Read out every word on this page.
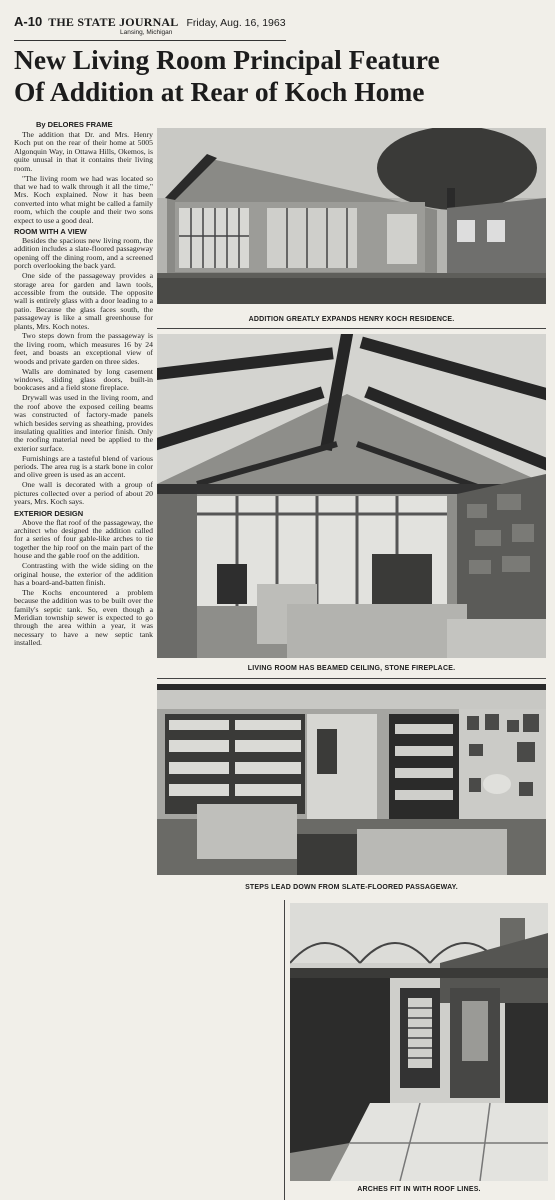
A-10 THE STATE JOURNAL Friday, Aug. 16, 1963
Lansing, Michigan
New Living Room Principal Feature
Of Addition at Rear of Koch Home
By DELORES FRAME

The addition that Dr. and Mrs. Henry Koch put on the rear of their home at 5005 Algonquin Way, in Ottawa Hills, Okemos, is quite unusal in that it contains their living room.

"The living room we had was located so that we had to walk through it all the time," Mrs. Koch explained. Now it has been converted into what might be called a family room, which the couple and their two sons expect to use a good deal.

ROOM WITH A VIEW

Besides the spacious new living room, the addition includes a slate-floored passageway opening off the dining room, and a screened porch overlooking the back yard.

One side of the passageway provides a storage area for garden and lawn tools, accessible from the outside. The opposite wall is entirely glass with a door leading to a patio. Because the glass faces south, the passageway is like a small greenhouse for plants, Mrs. Koch notes.

Two steps down from the passageway is the living room, which measures 16 by 24 feet, and boasts an exceptional view of woods and private garden on three sides.

Walls are dominated by long casement windows, sliding glass doors, built-in bookcases and a field stone fireplace.

Drywall was used in the living room, and the roof above the exposed ceiling beams was constructed of factory-made panels which besides serving as sheathing, provides insulating qualities and interior finish. Only the roofing material need be applied to the exterior surface.

Furnishings are a tasteful blend of various periods. The area rug is a stark bone in color and olive green is used as an accent.

One wall is decorated with a group of pictures collected over a period of about 20 years, Mrs. Koch says.

EXTERIOR DESIGN

Above the flat roof of the passageway, the architect who designed the addition called for a series of four gable-like arches to tie together the hip roof on the main part of the house and the gable roof on the addition.

Contrasting with the wide siding on the original house, the exterior of the addition has a board-and-batten finish.

The Kochs encountered a problem because the addition was to be built over the family's septic tank. So, even though a Meridian township sewer is expected to go through the area within a year, it was necessary to have a new septic tank installed.

ADDITION GREATLY EXPANDS HENRY KOCH RESIDENCE.
LIVING ROOM HAS BEAMED CEILING, STONE FIREPLACE.
STEPS LEAD DOWN FROM SLATE-FLOORED PASSAGEWAY.
ARCHES FIT IN WITH ROOF LINES.
